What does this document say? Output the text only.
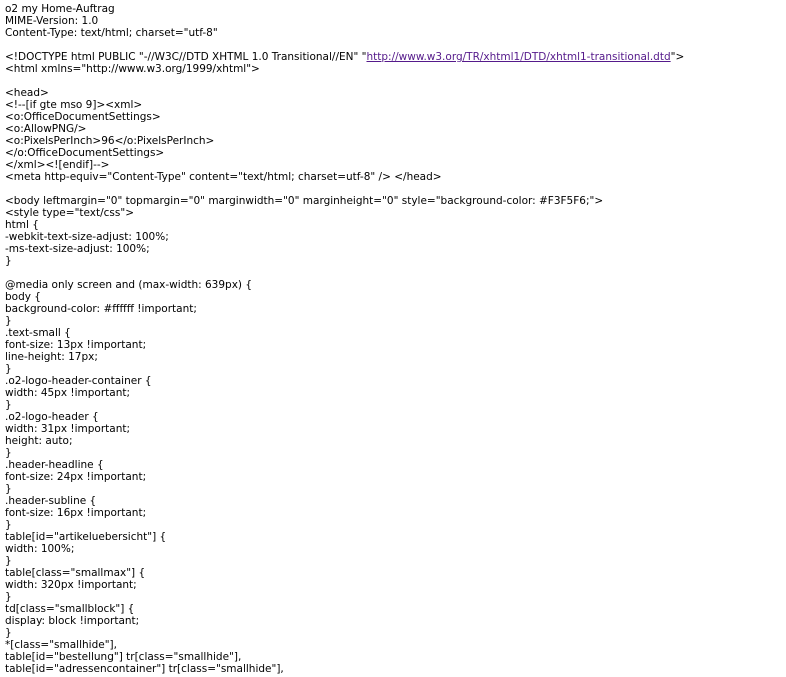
o2 my Home-Auftrag
MIME-Version: 1.0
Content-Type: text/html; charset="utf-8"
<!DOCTYPE html PUBLIC "-//W3C//DTD XHTML 1.0 Transitional//EN" "http://www.w3.org/TR/xhtml1/DTD/xhtml1-transitional.dtd">
<html xmlns="http://www.w3.org/1999/xhtml">
<head>
<!--[if gte mso 9]><xml>
<o:OfficeDocumentSettings>
<o:AllowPNG/>
<o:PixelsPerInch>96</o:PixelsPerInch>
</o:OfficeDocumentSettings>
</xml><![endif]-->
<meta http-equiv="Content-Type" content="text/html; charset=utf-8" /> </head>
<body leftmargin="0" topmargin="0" marginwidth="0" marginheight="0" style="background-color: #F3F5F6;">
<style type="text/css">
html {
-webkit-text-size-adjust: 100%;
-ms-text-size-adjust: 100%;
}
@media only screen and (max-width: 639px) {
body {
background-color: #ffffff !important;
}
.text-small {
font-size: 13px !important;
line-height: 17px;
}
.o2-logo-header-container {
width: 45px !important;
}
.o2-logo-header {
width: 31px !important;
height: auto;
}
.header-headline {
font-size: 24px !important;
}
.header-subline {
font-size: 16px !important;
}
table[id="artikeluebersicht"] {
width: 100%;
}
table[class="smallmax"] {
width: 320px !important;
}
td[class="smallblock"] {
display: block !important;
}
*[class="smallhide"],
table[id="bestellung"] tr[class="smallhide"],
table[id="adressencontainer"] tr[class="smallhide"],
